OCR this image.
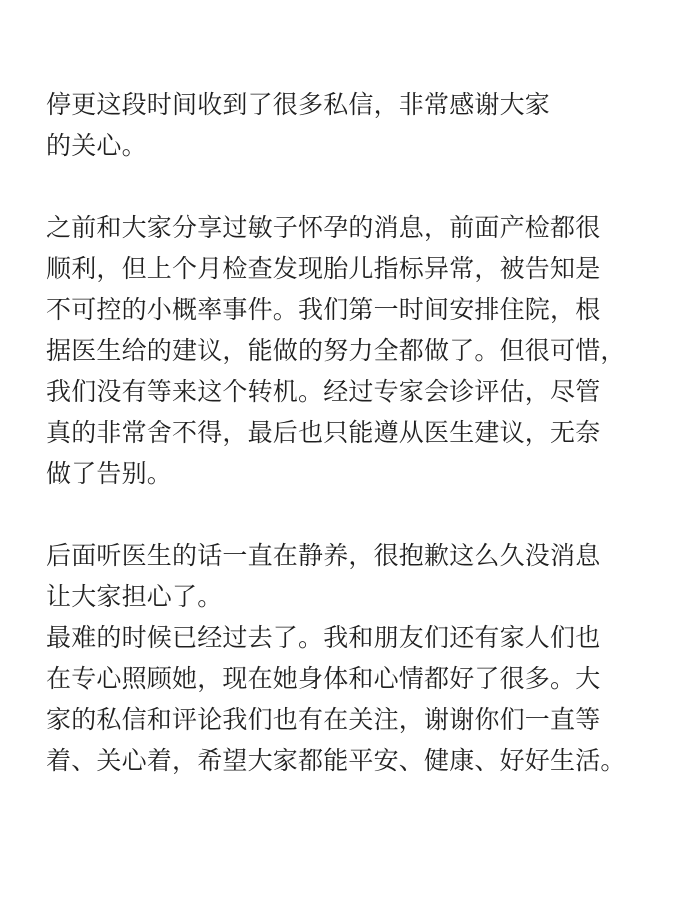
停更这段时间收到了很多私信，非常感谢大家
的关心。

之前和大家分享过敏子怀孕的消息，前面产检都很
顺利，但上个月检查发现胎儿指标异常，被告知是
不可控的小概率事件。我们第一时间安排住院，根
据医生给的建议，能做的努力全都做了。但很可惜，
我们没有等来这个转机。经过专家会诊评估，尽管
真的非常舍不得，最后也只能遵从医生建议，无奈
做了告别。

后面听医生的话一直在静养，很抱歉这么久没消息
让大家担心了。

最难的时候已经过去了。我和朋友们还有家人们也
在专心照顾她，现在她身体和心情都好了很多。大
家的私信和评论我们也有在关注，谢谢你们一直等
着、关心着，希望大家都能平安、健康、好好生活。
